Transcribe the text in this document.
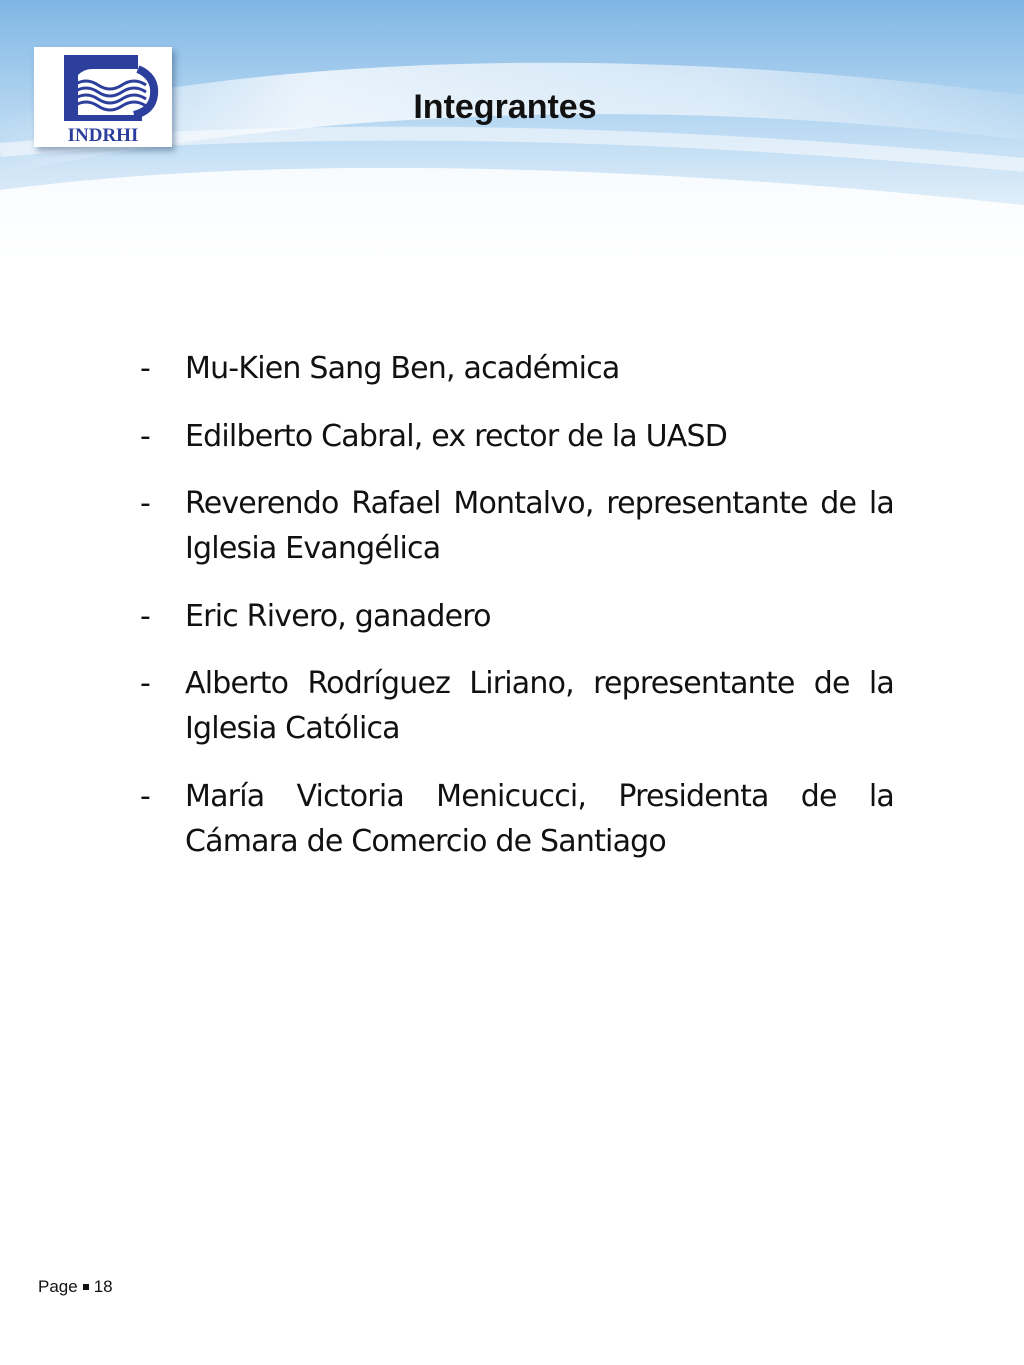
INDRHI
Integrantes
- Mu-Kien Sang Ben, académica
- Edilberto Cabral, ex rector de la UASD
- Reverendo Rafael Montalvo, representante de la Iglesia Evangélica
- Eric Rivero, ganadero
- Alberto Rodríguez Liriano, representante de la Iglesia Católica
- María Victoria Menicucci, Presidenta de la Cámara de Comercio de Santiago
Page 18
